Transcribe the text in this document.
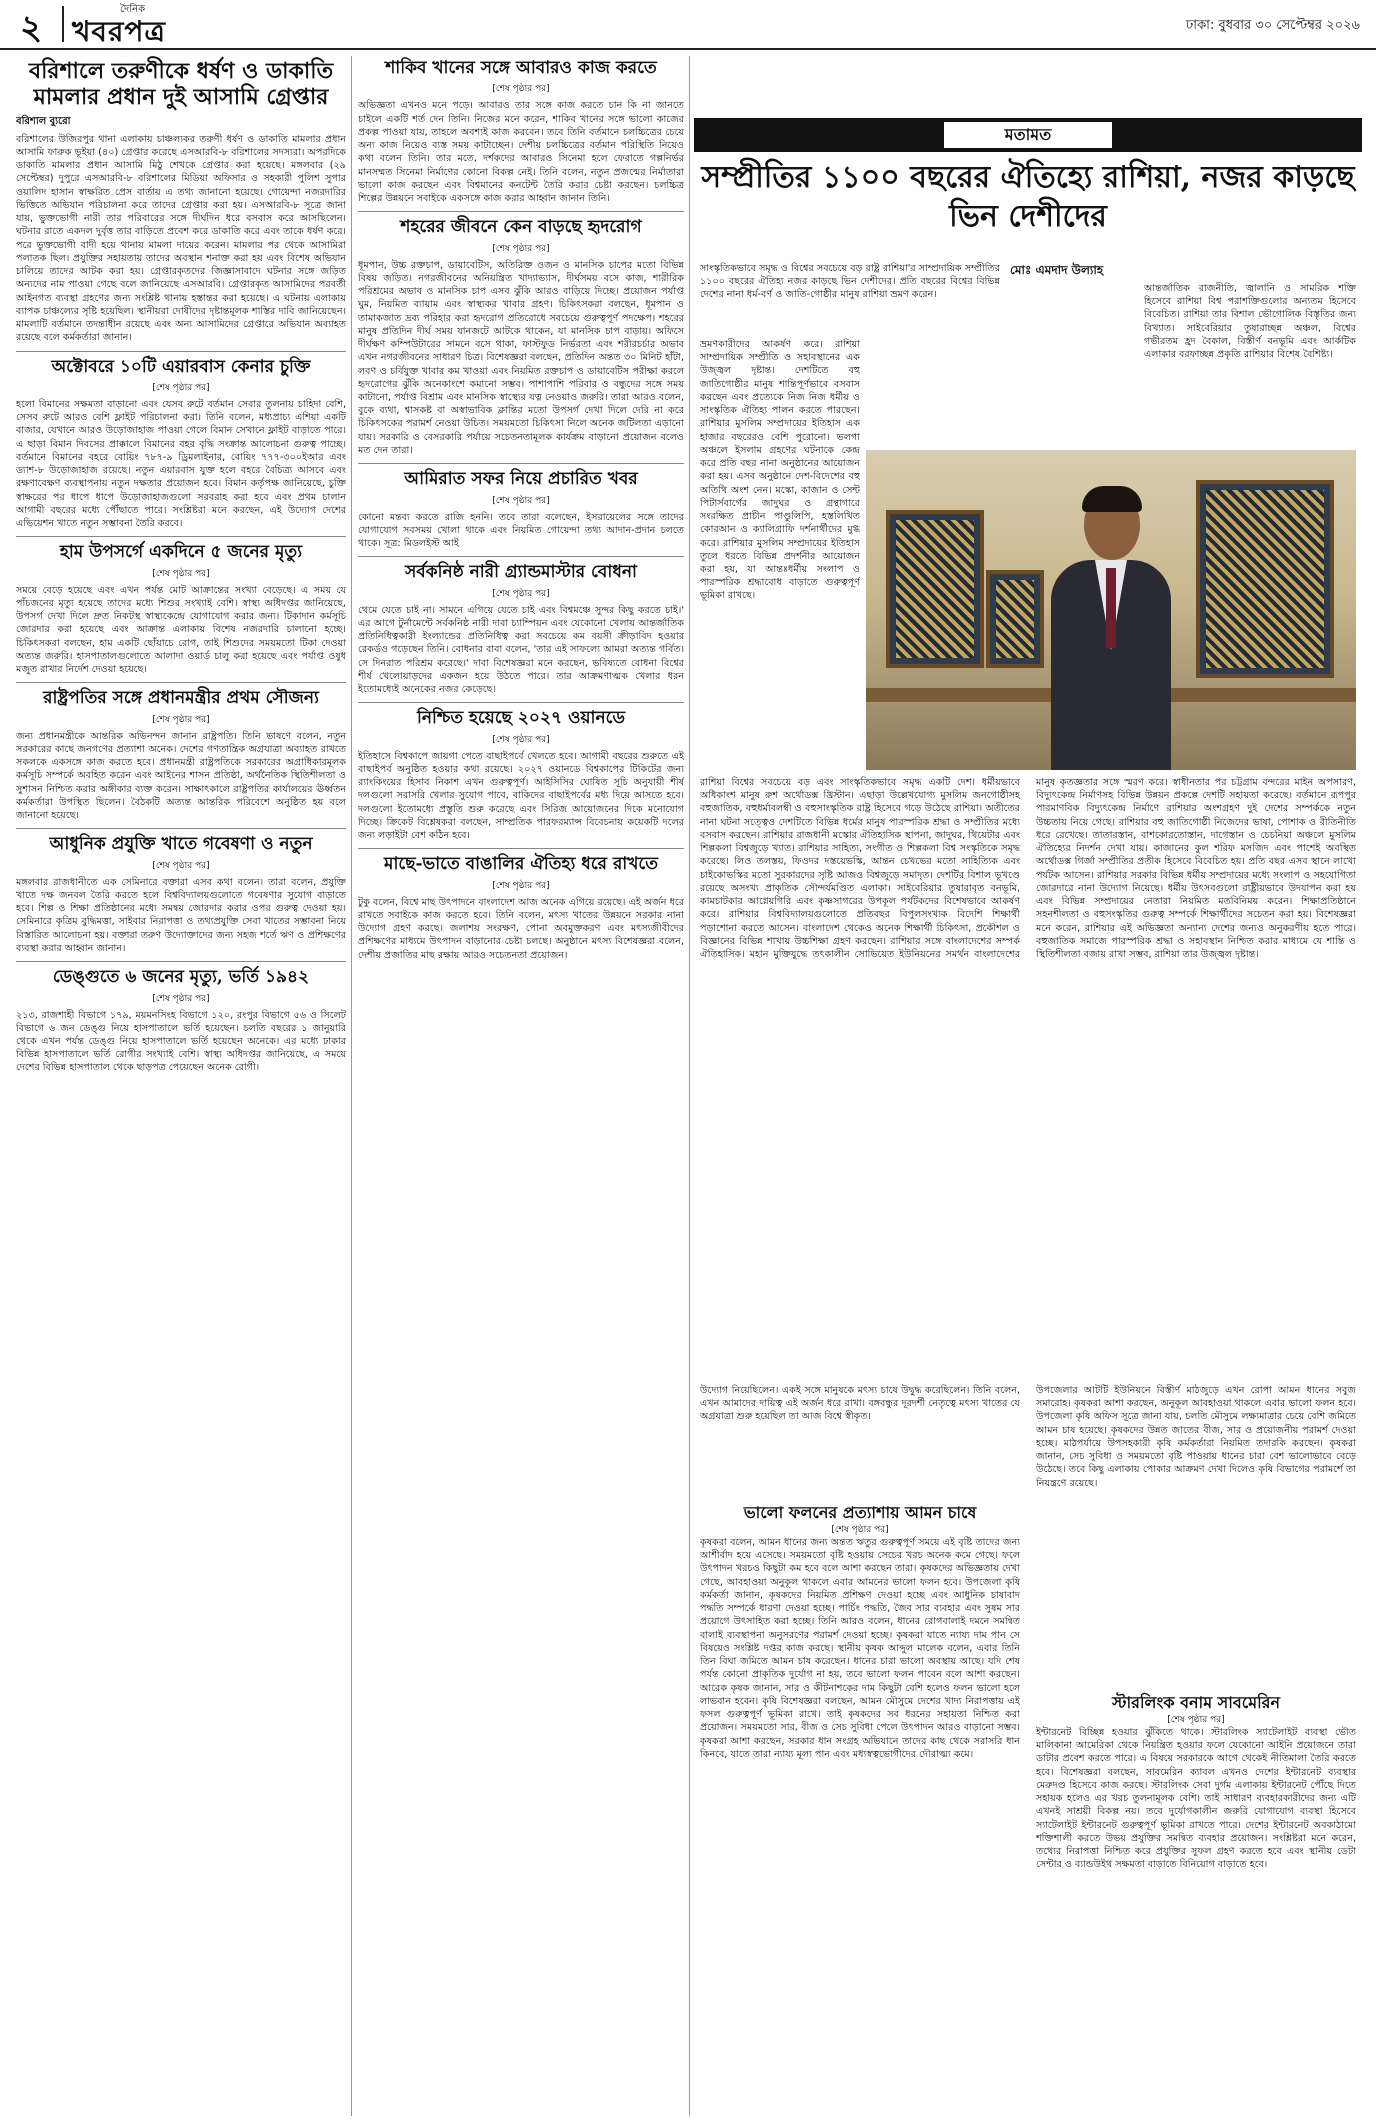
২	দৈনিক
খবরপত্র	ঢাকা: বুধবার ৩০ সেপ্টেম্বর ২০২৬
বরিশালে তরুণীকে ধর্ষণ ও ডাকাতি মামলার প্রধান দুই আসামি গ্রেপ্তার

বরিশাল ব্যুরো

বরিশালের উজিরপুর থানা এলাকায় চাঞ্চল্যকর তরুণী ধর্ষণ ও ডাকাতি মামলার প্রধান আসামি ফারুক ভূইয়া (৪০) গ্রেপ্তার করেছে এসআরবি-৮ বরিশালের সদস্যরা। অপরদিকে ডাকাতি মামলার প্রধান আসামি মিঠু শেখকে গ্রেপ্তার করা হয়েছে। মঙ্গলবার (২৯ সেপ্টেম্বর) দুপুরে এসআরবি-৮ বরিশালের মিডিয়া অফিসার ও সহকারী পুলিশ সুপার ওয়ালিদ হাসান স্বাক্ষরিত প্রেস বার্তায় এ তথ্য জানানো হয়েছে। গোয়েন্দা নজরদারির ভিত্তিতে অভিযান পরিচালনা করে তাদের গ্রেপ্তার করা হয়। এসআরবি-৮ সূত্রে জানা যায়, ভুক্তভোগী নারী তার পরিবারের সঙ্গে দীর্ঘদিন ধরে বসবাস করে আসছিলেন। ঘটনার রাতে একদল দুর্বৃত্ত তার বাড়িতে প্রবেশ করে ডাকাতি করে এবং তাকে ধর্ষণ করে। পরে ভুক্তভোগী বাদী হয়ে থানায় মামলা দায়ের করেন। মামলার পর থেকে আসামিরা পলাতক ছিল। প্রযুক্তির সহায়তায় তাদের অবস্থান শনাক্ত করা হয় এবং বিশেষ অভিযান চালিয়ে তাদের আটক করা হয়। গ্রেপ্তারকৃতদের জিজ্ঞাসাবাদে ঘটনার সঙ্গে জড়িত অন্যদের নাম পাওয়া গেছে বলে জানিয়েছে এসআরবি। গ্রেপ্তারকৃত আসামিদের পরবর্তী আইনগত ব্যবস্থা গ্রহণের জন্য সংশ্লিষ্ট থানায় হস্তান্তর করা হয়েছে। এ ঘটনায় এলাকায় ব্যাপক চাঞ্চল্যের সৃষ্টি হয়েছিল। স্থানীয়রা দোষীদের দৃষ্টান্তমূলক শাস্তির দাবি জানিয়েছেন। মামলাটি বর্তমানে তদন্তাধীন রয়েছে এবং অন্য আসামিদের গ্রেপ্তারে অভিযান অব্যাহত রয়েছে বলে কর্মকর্তারা জানান।

অক্টোবরে ১০টি এয়ারবাস কেনার চুক্তি

[শেষ পৃষ্ঠার পর]

হলো বিমানের সক্ষমতা বাড়ানো এবং যেসব রুটে বর্তমান সেবার তুলনায় চাহিদা বেশি, সেসব রুটে আরও বেশি ফ্লাইট পরিচালনা করা। তিনি বলেন, মধ্যপ্রাচ্য এশিয়া একটি বাজার, যেখানে আরও উড়োজাহাজ পাওয়া গেলে বিমান সেখানে ফ্লাইট বাড়াতে পারে। এ ছাড়া বিমান দিবসের প্রাক্কালে বিমানের বহর বৃদ্ধি সংক্রান্ত আলোচনা গুরুত্ব পাচ্ছে। বর্তমানে বিমানের বহরে বোয়িং ৭৮৭-৯ ড্রিমলাইনার, বোয়িং ৭৭৭-৩০০ইআর এবং ড্যাশ-৮ উড়োজাহাজ রয়েছে। নতুন এয়ারবাস যুক্ত হলে বহরে বৈচিত্র্য আসবে এবং রক্ষণাবেক্ষণ ব্যবস্থাপনায় নতুন দক্ষতার প্রয়োজন হবে। বিমান কর্তৃপক্ষ জানিয়েছে, চুক্তি স্বাক্ষরের পর ধাপে ধাপে উড়োজাহাজগুলো সরবরাহ করা হবে এবং প্রথম চালান আগামী বছরের মধ্যে পৌঁছাতে পারে। সংশ্লিষ্টরা মনে করছেন, এই উদ্যোগ দেশের এভিয়েশন খাতে নতুন সম্ভাবনা তৈরি করবে।

হাম উপসর্গে একদিনে ৫ জনের মৃত্যু

[শেষ পৃষ্ঠার পর]

সময়ে বেড়ে হয়েছে এবং এখন পর্যন্ত মোট আক্রান্তের সংখ্যা বেড়েছে। এ সময় যে পাঁচজনের মৃত্যু হয়েছে তাদের মধ্যে শিশুর সংখ্যাই বেশি। স্বাস্থ্য অধিদপ্তর জানিয়েছে, উপসর্গ দেখা দিলে দ্রুত নিকটস্থ স্বাস্থ্যকেন্দ্রে যোগাযোগ করার জন্য। টিকাদান কর্মসূচি জোরদার করা হয়েছে এবং আক্রান্ত এলাকায় বিশেষ নজরদারি চালানো হচ্ছে। চিকিৎসকরা বলছেন, হাম একটি ছোঁয়াচে রোগ, তাই শিশুদের সময়মতো টিকা দেওয়া অত্যন্ত জরুরি। হাসপাতালগুলোতে আলাদা ওয়ার্ড চালু করা হয়েছে এবং পর্যাপ্ত ওষুধ মজুত রাখার নির্দেশ দেওয়া হয়েছে।

রাষ্ট্রপতির সঙ্গে প্রধানমন্ত্রীর প্রথম সৌজন্য

[শেষ পৃষ্ঠার পর]

জন্য প্রধানমন্ত্রীকে আন্তরিক অভিনন্দন জানান রাষ্ট্রপতি। তিনি ভাষণে বলেন, নতুন সরকারের কাছে জনগণের প্রত্যাশা অনেক। দেশের গণতান্ত্রিক অগ্রযাত্রা অব্যাহত রাখতে সকলকে একসঙ্গে কাজ করতে হবে। প্রধানমন্ত্রী রাষ্ট্রপতিকে সরকারের অগ্রাধিকারমূলক কর্মসূচি সম্পর্কে অবহিত করেন এবং আইনের শাসন প্রতিষ্ঠা, অর্থনৈতিক স্থিতিশীলতা ও সুশাসন নিশ্চিত করার অঙ্গীকার ব্যক্ত করেন। সাক্ষাৎকালে রাষ্ট্রপতির কার্যালয়ের ঊর্ধ্বতন কর্মকর্তারা উপস্থিত ছিলেন। বৈঠকটি অত্যন্ত আন্তরিক পরিবেশে অনুষ্ঠিত হয় বলে জানানো হয়েছে।

আধুনিক প্রযুক্তি খাতে গবেষণা ও নতুন

[শেষ পৃষ্ঠার পর]

মঙ্গলবার রাজধানীতে এক সেমিনারে বক্তারা এসব কথা বলেন। তারা বলেন, প্রযুক্তি খাতে দক্ষ জনবল তৈরি করতে হলে বিশ্ববিদ্যালয়গুলোতে গবেষণার সুযোগ বাড়াতে হবে। শিল্প ও শিক্ষা প্রতিষ্ঠানের মধ্যে সমন্বয় জোরদার করার ওপর গুরুত্ব দেওয়া হয়। সেমিনারে কৃত্রিম বুদ্ধিমত্তা, সাইবার নিরাপত্তা ও তথ্যপ্রযুক্তি সেবা খাতের সম্ভাবনা নিয়ে বিস্তারিত আলোচনা হয়। বক্তারা তরুণ উদ্যোক্তাদের জন্য সহজ শর্তে ঋণ ও প্রশিক্ষণের ব্যবস্থা করার আহ্বান জানান।

ডেঙ্গুতে ৬ জনের মৃত্যু, ভর্তি ১৯৪২

[শেষ পৃষ্ঠার পর]

২১৩, রাজশাহী বিভাগে ১৭৯, ময়মনসিংহ বিভাগে ১২০, রংপুর বিভাগে ৫৬ ও সিলেট বিভাগে ৬ জন ডেঙ্গু নিয়ে হাসপাতালে ভর্তি হয়েছেন। চলতি বছরের ১ জানুয়ারি থেকে এখন পর্যন্ত ডেঙ্গু নিয়ে হাসপাতালে ভর্তি হয়েছেন অনেকে। এর মধ্যে ঢাকার বিভিন্ন হাসপাতালে ভর্তি রোগীর সংখ্যাই বেশি। স্বাস্থ্য অধিদপ্তর জানিয়েছে, এ সময়ে দেশের বিভিন্ন হাসপাতাল থেকে ছাড়পত্র পেয়েছেন অনেক রোগী।

শাকিব খানের সঙ্গে আবারও কাজ করতে

[শেষ পৃষ্ঠার পর]

অভিজ্ঞতা এখনও মনে পড়ে। আবারও তার সঙ্গে কাজ করতে চান কি না জানতে চাইলে একটি শর্ত দেন তিনি। নিজের মনে করেন, শাকিব খানের সঙ্গে ভালো কাজের প্রকল্প পাওয়া যায়, তাহলে অবশ্যই কাজ করবেন। তবে তিনি বর্তমানে চলচ্চিত্রের চেয়ে অন্য কাজ নিয়েও ব্যস্ত সময় কাটাচ্ছেন। দেশীয় চলচ্চিত্রের বর্তমান পরিস্থিতি নিয়েও কথা বলেন তিনি। তার মতে, দর্শকদের আবারও সিনেমা হলে ফেরাতে গল্পনির্ভর মানসম্মত সিনেমা নির্মাণের কোনো বিকল্প নেই। তিনি বলেন, নতুন প্রজন্মের নির্মাতারা ভালো কাজ করছেন এবং বিশ্বমানের কনটেন্ট তৈরি করার চেষ্টা করছেন। চলচ্চিত্র শিল্পের উন্নয়নে সবাইকে একসঙ্গে কাজ করার আহ্বান জানান তিনি।

শহরের জীবনে কেন বাড়ছে হৃদরোগ

[শেষ পৃষ্ঠার পর]

ধূমপান, উচ্চ রক্তচাপ, ডায়াবেটিস, অতিরিক্ত ওজন ও মানসিক চাপের মতো বিভিন্ন বিষয় জড়িত। নগরজীবনের অনিয়ন্ত্রিত খাদ্যাভ্যাস, দীর্ঘসময় বসে কাজ, শারীরিক পরিশ্রমের অভাব ও মানসিক চাপ এসব ঝুঁকি আরও বাড়িয়ে দিচ্ছে। প্রয়োজন পর্যাপ্ত ঘুম, নিয়মিত ব্যায়াম এবং স্বাস্থ্যকর খাবার গ্রহণ। চিকিৎসকরা বলছেন, ধূমপান ও তামাকজাত দ্রব্য পরিহার করা হৃদরোগ প্রতিরোধে সবচেয়ে গুরুত্বপূর্ণ পদক্ষেপ। শহরের মানুষ প্রতিদিন দীর্ঘ সময় যানজটে আটকে থাকেন, যা মানসিক চাপ বাড়ায়। অফিসে দীর্ঘক্ষণ কম্পিউটারের সামনে বসে থাকা, ফাস্টফুড নির্ভরতা এবং শরীরচর্চার অভাব এখন নগরজীবনের সাধারণ চিত্র। বিশেষজ্ঞরা বলছেন, প্রতিদিন অন্তত ৩০ মিনিট হাঁটা, লবণ ও চর্বিযুক্ত খাবার কম খাওয়া এবং নিয়মিত রক্তচাপ ও ডায়াবেটিস পরীক্ষা করলে হৃদরোগের ঝুঁকি অনেকাংশে কমানো সম্ভব। পাশাপাশি পরিবার ও বন্ধুদের সঙ্গে সময় কাটানো, পর্যাপ্ত বিশ্রাম এবং মানসিক স্বাস্থ্যের যত্ন নেওয়াও জরুরি। তারা আরও বলেন, বুকে ব্যথা, শ্বাসকষ্ট বা অস্বাভাবিক ক্লান্তির মতো উপসর্গ দেখা দিলে দেরি না করে চিকিৎসকের পরামর্শ নেওয়া উচিত। সময়মতো চিকিৎসা নিলে অনেক জটিলতা এড়ানো যায়। সরকারি ও বেসরকারি পর্যায়ে সচেতনতামূলক কার্যক্রম বাড়ানো প্রয়োজন বলেও মত দেন তারা।

আমিরাত সফর নিয়ে প্রচারিত খবর

[শেষ পৃষ্ঠার পর]

কোনো মন্তব্য করতে রাজি হননি। তবে তারা বলেছেন, ইসরায়েলের সঙ্গে তাদের যোগাযোগ সবসময় খোলা থাকে এবং নিয়মিত গোয়েন্দা তথ্য আদান-প্রদান চলতে থাকে। সূত্র: মিডলইস্ট আই

সর্বকনিষ্ঠ নারী গ্র্যান্ডমাস্টার বোধনা

[শেষ পৃষ্ঠার পর]

থেমে যেতে চাই না। সামনে এগিয়ে যেতে চাই এবং বিশ্বমঞ্চে সুন্দর কিছু করতে চাই।' এর আগে টুর্নামেন্টে সর্বকনিষ্ঠ নারী দাবা চ্যাম্পিয়ন এবং যেকোনো খেলায় আন্তর্জাতিক প্রতিনিধিত্বকারী ইংল্যান্ডের প্রতিনিধিত্ব করা সবচেয়ে কম বয়সী ক্রীড়াবিদ হওয়ার রেকর্ডও গড়েছেন তিনি। বোধনার বাবা বলেন, 'তার এই সাফল্যে আমরা অত্যন্ত গর্বিত। সে দিনরাত পরিশ্রম করেছে।' দাবা বিশেষজ্ঞরা মনে করছেন, ভবিষ্যতে বোধনা বিশ্বের শীর্ষ খেলোয়াড়দের একজন হয়ে উঠতে পারে। তার আক্রমণাত্মক খেলার ধরন ইতোমধ্যেই অনেকের নজর কেড়েছে।

নিশ্চিত হয়েছে ২০২৭ ওয়ানডে

[শেষ পৃষ্ঠার পর]

ইতিহাসে বিশ্বকাপে জায়গা পেতে বাছাইপর্বে খেলতে হবে। আগামী বছরের শুরুতে এই বাছাইপর্ব অনুষ্ঠিত হওয়ার কথা রয়েছে। ২০২৭ ওয়ানডে বিশ্বকাপের টিকিটের জন্য র‍্যাংকিংয়ের হিসাব নিকাশ এখন গুরুত্বপূর্ণ। আইসিসির ঘোষিত সূচি অনুযায়ী শীর্ষ দলগুলো সরাসরি খেলার সুযোগ পাবে, বাকিদের বাছাইপর্বের মধ্য দিয়ে আসতে হবে। দলগুলো ইতোমধ্যে প্রস্তুতি শুরু করেছে এবং সিরিজ আয়োজনের দিকে মনোযোগ দিচ্ছে। ক্রিকেট বিশ্লেষকরা বলছেন, সাম্প্রতিক পারফরম্যান্স বিবেচনায় কয়েকটি দলের জন্য লড়াইটা বেশ কঠিন হবে।

মাছে-ভাতে বাঙালির ঐতিহ্য ধরে রাখতে

[শেষ পৃষ্ঠার পর]

টুকু বলেন, বিশ্বে মাছ উৎপাদনে বাংলাদেশ আজ অনেক এগিয়ে রয়েছে। এই অর্জন ধরে রাখতে সবাইকে কাজ করতে হবে। তিনি বলেন, মৎস্য খাতের উন্নয়নে সরকার নানা উদ্যোগ গ্রহণ করছে। জলাশয় সংরক্ষণ, পোনা অবমুক্তকরণ এবং মৎস্যজীবীদের প্রশিক্ষণের মাধ্যমে উৎপাদন বাড়ানোর চেষ্টা চলছে। অনুষ্ঠানে মৎস্য বিশেষজ্ঞরা বলেন, দেশীয় প্রজাতির মাছ রক্ষায় আরও সচেতনতা প্রয়োজন।

মতামত
সম্প্রীতির ১১০০ বছরের ঐতিহ্যে রাশিয়া, নজর কাড়ছে ভিন দেশীদের
মোঃ এমদাদ উল্যাহ

সাংস্কৃতিকভাবে সমৃদ্ধ ও বিশ্বের সবচেয়ে বড় রাষ্ট্র রাশিয়া'র সাম্প্রদায়িক সম্প্রীতির ১১০০ বছরের ঐতিহ্য নজর কাড়ছে ভিন দেশীদের। প্রতি বছরের বিশ্বের বিভিন্ন দেশের নানা ধর্ম-বর্ণ ও জাতি-গোষ্ঠীর মানুষ রাশিয়া ভ্রমণ করেন।

আন্তর্জাতিক রাজনীতি, জ্বালানি ও সামরিক শক্তি হিসেবে রাশিয়া বিশ্ব পরাশক্তিগুলোর অন্যতম হিসেবে বিবেচিত। রাশিয়া তার বিশাল ভৌগোলিক বিস্তৃতির জন্য বিখ্যাত। সাইবেরিয়ার তুষারাচ্ছন্ন অঞ্চল, বিশ্বের গভীরতম হ্রদ বৈকাল, বিস্তীর্ণ বনভূমি এবং আর্কটিক এলাকার বরফাচ্ছন্ন প্রকৃতি রাশিয়ার বিশেষ বৈশিষ্ট্য।

ভ্রমণকারীদের আকর্ষণ করে। রাশিয়া সাম্প্রদায়িক সম্প্রীতি ও সহাবস্থানের এক উজ্জ্বল দৃষ্টান্ত। দেশটিতে বহু জাতিগোষ্ঠীর মানুষ শান্তিপূর্ণভাবে বসবাস করছেন এবং প্রত্যেকে নিজ নিজ ধর্মীয় ও সাংস্কৃতিক ঐতিহ্য পালন করতে পারছেন। রাশিয়ার মুসলিম সম্প্রদায়ের ইতিহাস এক হাজার বছরেরও বেশি পুরোনো। ভলগা অঞ্চলে ইসলাম গ্রহণের ঘটনাকে কেন্দ্র করে প্রতি বছর নানা অনুষ্ঠানের আয়োজন করা হয়। এসব অনুষ্ঠানে দেশ-বিদেশের বহু অতিথি অংশ নেন। মস্কো, কাজান ও সেন্ট পিটার্সবার্গের জাদুঘর ও গ্রন্থাগারে সংরক্ষিত প্রাচীন পাণ্ডুলিপি, হস্তলিখিত কোরআন ও ক্যালিগ্রাফি দর্শনার্থীদের মুগ্ধ করে। রাশিয়ার মুসলিম সম্প্রদায়ের ইতিহাস তুলে ধরতে বিভিন্ন প্রদর্শনীর আয়োজন করা হয়, যা আন্তঃধর্মীয় সংলাপ ও পারস্পরিক শ্রদ্ধাবোধ বাড়াতে গুরুত্বপূর্ণ ভূমিকা রাখছে।

রাশিয়া বিশ্বের সবচেয়ে বড় এবং সাংস্কৃতিকভাবে সমৃদ্ধ একটি দেশ। ধর্মীয়ভাবে অধিকাংশ মানুষ রুশ অর্থোডক্স খ্রিস্টান। এছাড়া উল্লেখযোগ্য মুসলিম জনগোষ্ঠীসহ বহুজাতিক, বহুধর্মাবলম্বী ও বহুসাংস্কৃতিক রাষ্ট্র হিসেবে গড়ে উঠেছে রাশিয়া। অতীতের নানা ঘটনা সত্ত্বেও দেশটিতে বিভিন্ন ধর্মের মানুষ পারস্পরিক শ্রদ্ধা ও সম্প্রীতির মধ্যে বসবাস করছেন। রাশিয়ার রাজধানী মস্কোর ঐতিহাসিক স্থাপনা, জাদুঘর, থিয়েটার এবং শিল্পকলা বিশ্বজুড়ে খ্যাত। রাশিয়ার সাহিত্য, সংগীত ও শিল্পকলা বিশ্ব সংস্কৃতিকে সমৃদ্ধ করেছে। লিও তলস্তয়, ফিওদর দস্তয়েভস্কি, আন্তন চেখভের মতো সাহিত্যিক এবং চাইকোভস্কির মতো সুরকারদের সৃষ্টি আজও বিশ্বজুড়ে সমাদৃত। দেশটির বিশাল ভূখণ্ডে রয়েছে অসংখ্য প্রাকৃতিক সৌন্দর্যমণ্ডিত এলাকা। সাইবেরিয়ার তুষারাবৃত বনভূমি, কামচাটকার আগ্নেয়গিরি এবং কৃষ্ণসাগরের উপকূল পর্যটকদের বিশেষভাবে আকর্ষণ করে। রাশিয়ার বিশ্ববিদ্যালয়গুলোতে প্রতিবছর বিপুলসংখ্যক বিদেশি শিক্ষার্থী পড়াশোনা করতে আসেন। বাংলাদেশ থেকেও অনেক শিক্ষার্থী চিকিৎসা, প্রকৌশল ও বিজ্ঞানের বিভিন্ন শাখায় উচ্চশিক্ষা গ্রহণ করছেন। রাশিয়ার সঙ্গে বাংলাদেশের সম্পর্ক ঐতিহাসিক। মহান মুক্তিযুদ্ধে তৎকালীন সোভিয়েত ইউনিয়নের সমর্থন বাংলাদেশের মানুষ কৃতজ্ঞতার সঙ্গে স্মরণ করে। স্বাধীনতার পর চট্টগ্রাম বন্দরের মাইন অপসারণ, বিদ্যুৎকেন্দ্র নির্মাণসহ বিভিন্ন উন্নয়ন প্রকল্পে দেশটি সহায়তা করেছে। বর্তমানে রূপপুর পারমাণবিক বিদ্যুৎকেন্দ্র নির্মাণে রাশিয়ার অংশগ্রহণ দুই দেশের সম্পর্ককে নতুন উচ্চতায় নিয়ে গেছে। রাশিয়ার বহু জাতিগোষ্ঠী নিজেদের ভাষা, পোশাক ও রীতিনীতি ধরে রেখেছে। তাতারস্তান, বাশকোরতোস্তান, দাগেস্তান ও চেচনিয়া অঞ্চলে মুসলিম ঐতিহ্যের নিদর্শন দেখা যায়। কাজানের কুল শরিফ মসজিদ এবং পাশেই অবস্থিত অর্থোডক্স গির্জা সম্প্রীতির প্রতীক হিসেবে বিবেচিত হয়। প্রতি বছর এসব স্থানে লাখো পর্যটক আসেন। রাশিয়ার সরকার বিভিন্ন ধর্মীয় সম্প্রদায়ের মধ্যে সংলাপ ও সহযোগিতা জোরদারে নানা উদ্যোগ নিয়েছে। ধর্মীয় উৎসবগুলো রাষ্ট্রীয়ভাবে উদযাপন করা হয় এবং বিভিন্ন সম্প্রদায়ের নেতারা নিয়মিত মতবিনিময় করেন। শিক্ষাপ্রতিষ্ঠানে সহনশীলতা ও বহুসংস্কৃতির গুরুত্ব সম্পর্কে শিক্ষার্থীদের সচেতন করা হয়। বিশেষজ্ঞরা মনে করেন, রাশিয়ার এই অভিজ্ঞতা অন্যান্য দেশের জন্যও অনুকরণীয় হতে পারে। বহুজাতিক সমাজে পারস্পরিক শ্রদ্ধা ও সহাবস্থান নিশ্চিত করার মাধ্যমে যে শান্তি ও স্থিতিশীলতা বজায় রাখা সম্ভব, রাশিয়া তার উজ্জ্বল দৃষ্টান্ত।

উদ্যোগ নিয়েছিলেন। একই সঙ্গে মানুষকে মৎস্য চাষে উদ্বুদ্ধ করেছিলেন। তিনি বলেন, এখন আমাদের দায়িত্ব এই অর্জন ধরে রাখা। বঙ্গবন্ধুর দূরদর্শী নেতৃত্বে মৎস্য খাতের যে অগ্রযাত্রা শুরু হয়েছিল তা আজ বিশ্বে স্বীকৃত।

উপজেলার আটটি ইউনিয়নে বিস্তীর্ণ মাঠজুড়ে এখন রোপা আমন ধানের সবুজ সমারোহ। কৃষকরা আশা করছেন, অনুকূল আবহাওয়া থাকলে এবার ভালো ফলন হবে। উপজেলা কৃষি অফিস সূত্রে জানা যায়, চলতি মৌসুমে লক্ষ্যমাত্রার চেয়ে বেশি জমিতে আমন চাষ হয়েছে। কৃষকদের উন্নত জাতের বীজ, সার ও প্রয়োজনীয় পরামর্শ দেওয়া হচ্ছে। মাঠপর্যায়ে উপসহকারী কৃষি কর্মকর্তারা নিয়মিত তদারকি করছেন। কৃষকরা জানান, সেচ সুবিধা ও সময়মতো বৃষ্টি পাওয়ায় ধানের চারা বেশ ভালোভাবে বেড়ে উঠেছে। তবে কিছু এলাকায় পোকার আক্রমণ দেখা দিলেও কৃষি বিভাগের পরামর্শে তা নিয়ন্ত্রণে রয়েছে।

ভালো ফলনের প্রত্যাশায় আমন চাষে
[শেষ পৃষ্ঠার পর]

কৃষকরা বলেন, আমন ধানের জন্য অন্তত ঋতুর গুরুত্বপূর্ণ সময়ে এই বৃষ্টি তাদের জন্য আশীর্বাদ হয়ে এসেছে। সময়মতো বৃষ্টি হওয়ায় সেচের খরচ অনেক কমে গেছে। ফলে উৎপাদন খরচও কিছুটা কম হবে বলে আশা করছেন তারা। কৃষকদের অভিজ্ঞতায় দেখা গেছে, আবহাওয়া অনুকূল থাকলে এবার আমনের ভালো ফলন হবে। উপজেলা কৃষি কর্মকর্তা জানান, কৃষকদের নিয়মিত প্রশিক্ষণ দেওয়া হচ্ছে এবং আধুনিক চাষাবাদ পদ্ধতি সম্পর্কে ধারণা দেওয়া হচ্ছে। পার্চিং পদ্ধতি, জৈব সার ব্যবহার এবং সুষম সার প্রয়োগে উৎসাহিত করা হচ্ছে। তিনি আরও বলেন, ধানের রোগবালাই দমনে সমন্বিত বালাই ব্যবস্থাপনা অনুসরণের পরামর্শ দেওয়া হচ্ছে। কৃষকরা যাতে ন্যায্য দাম পান সে বিষয়েও সংশ্লিষ্ট দপ্তর কাজ করছে। স্থানীয় কৃষক আব্দুল মালেক বলেন, এবার তিনি তিন বিঘা জমিতে আমন চাষ করেছেন। ধানের চারা ভালো অবস্থায় আছে। যদি শেষ পর্যন্ত কোনো প্রাকৃতিক দুর্যোগ না হয়, তবে ভালো ফলন পাবেন বলে আশা করছেন। আরেক কৃষক জানান, সার ও কীটনাশকের দাম কিছুটা বেশি হলেও ফলন ভালো হলে লাভবান হবেন। কৃষি বিশেষজ্ঞরা বলছেন, আমন মৌসুমে দেশের খাদ্য নিরাপত্তায় এই ফসল গুরুত্বপূর্ণ ভূমিকা রাখে। তাই কৃষকদের সব ধরনের সহায়তা নিশ্চিত করা প্রয়োজন। সময়মতো সার, বীজ ও সেচ সুবিধা পেলে উৎপাদন আরও বাড়ানো সম্ভব। কৃষকরা আশা করছেন, সরকার ধান সংগ্রহ অভিযানে তাদের কাছ থেকে সরাসরি ধান কিনবে, যাতে তারা ন্যায্য মূল্য পান এবং মধ্যস্বত্বভোগীদের দৌরাত্ম্য কমে।

স্টারলিংক বনাম সাবমেরিন
[শেষ পৃষ্ঠার পর]

ইন্টারনেট বিচ্ছিন্ন হওয়ার ঝুঁকিতে থাকে। স্টারলিংক স্যাটেলাইট ব্যবস্থা ভৌত মালিকানা আমেরিকা থেকে নিয়ন্ত্রিত হওয়ার ফলে যেকোনো আইনি প্রয়োজনে তারা ডাটার প্রবেশ করতে পারে। এ বিষয়ে সরকারকে আগে থেকেই নীতিমালা তৈরি করতে হবে। বিশেষজ্ঞরা বলছেন, সাবমেরিন ক্যাবল এখনও দেশের ইন্টারনেট ব্যবস্থার মেরুদণ্ড হিসেবে কাজ করছে। স্টারলিংক সেবা দুর্গম এলাকায় ইন্টারনেট পৌঁছে দিতে সহায়ক হলেও এর খরচ তুলনামূলক বেশি। তাই সাধারণ ব্যবহারকারীদের জন্য এটি এখনই সাশ্রয়ী বিকল্প নয়। তবে দুর্যোগকালীন জরুরি যোগাযোগ ব্যবস্থা হিসেবে স্যাটেলাইট ইন্টারনেট গুরুত্বপূর্ণ ভূমিকা রাখতে পারে। দেশের ইন্টারনেট অবকাঠামো শক্তিশালী করতে উভয় প্রযুক্তির সমন্বিত ব্যবহার প্রয়োজন। সংশ্লিষ্টরা মনে করেন, তথ্যের নিরাপত্তা নিশ্চিত করে প্রযুক্তির সুফল গ্রহণ করতে হবে এবং স্থানীয় ডেটা সেন্টার ও ব্যান্ডউইথ সক্ষমতা বাড়াতে বিনিয়োগ বাড়াতে হবে।
